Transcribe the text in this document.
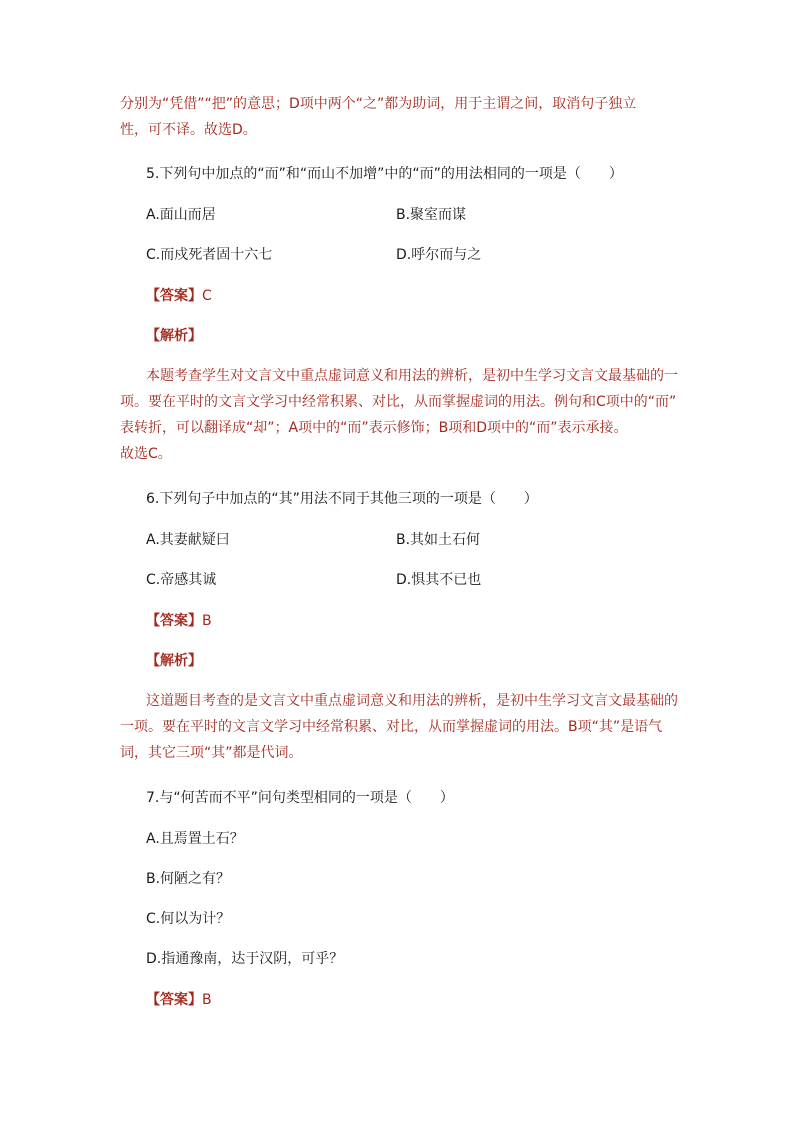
分别为“凭借”“把”的意思；D项中两个“之”都为助词，用于主谓之间，取消句子独立
性，可不译。故选D。
5.下列句中加点的“而”和“而山不加增”中的“而”的用法相同的一项是（　　）
A.面山而居	B.聚室而谋
C.而戍死者固十六七	D.呼尔而与之
【答案】C
【解析】
本题考查学生对文言文中重点虚词意义和用法的辨析，是初中生学习文言文最基础的一
项。要在平时的文言文学习中经常积累、对比，从而掌握虚词的用法。例句和C项中的“而”
表转折，可以翻译成“却”；A项中的“而”表示修饰；B项和D项中的“而”表示承接。
故选C。
6.下列句子中加点的“其”用法不同于其他三项的一项是（　　）
A.其妻献疑曰	B.其如土石何
C.帝感其诚	D.惧其不已也
【答案】B
【解析】
这道题目考查的是文言文中重点虚词意义和用法的辨析，是初中生学习文言文最基础的
一项。要在平时的文言文学习中经常积累、对比，从而掌握虚词的用法。B项“其”是语气
词，其它三项“其”都是代词。
7.与“何苦而不平”问句类型相同的一项是（　　）
A.且焉置土石？
B.何陋之有？
C.何以为计？
D.指通豫南，达于汉阴，可乎？
【答案】B
